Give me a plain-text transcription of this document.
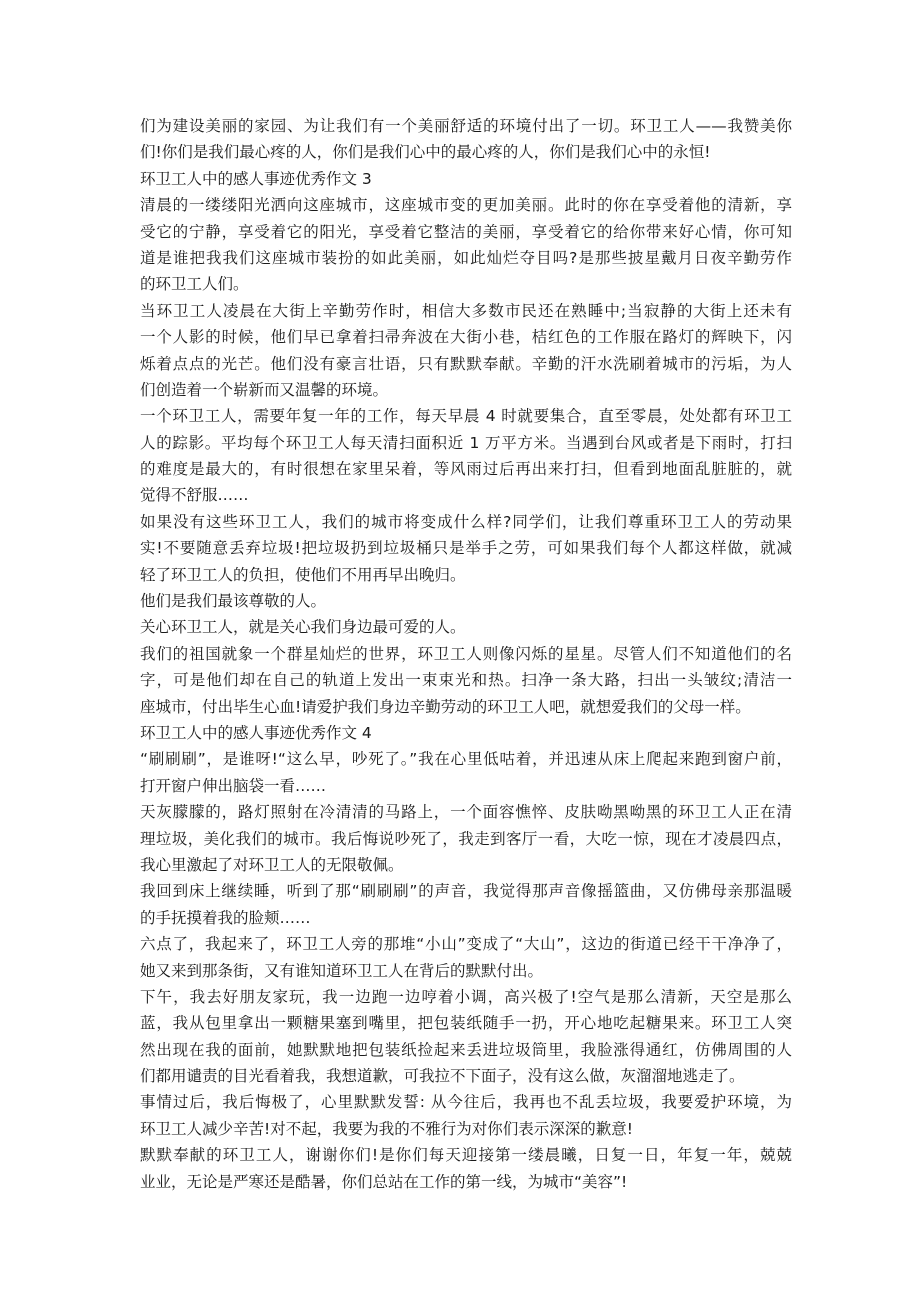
们为建设美丽的家园、为让我们有一个美丽舒适的环境付出了一切。环卫工人——我赞美你
们!你们是我们最心疼的人，你们是我们心中的最心疼的人，你们是我们心中的永恒!
环卫工人中的感人事迹优秀作文 3
清晨的一缕缕阳光洒向这座城市，这座城市变的更加美丽。此时的你在享受着他的清新，享
受它的宁静，享受着它的阳光，享受着它整洁的美丽，享受着它的给你带来好心情，你可知
道是谁把我我们这座城市装扮的如此美丽，如此灿烂夺目吗?是那些披星戴月日夜辛勤劳作
的环卫工人们。
当环卫工人凌晨在大街上辛勤劳作时，相信大多数市民还在熟睡中;当寂静的大街上还未有
一个人影的时候，他们早已拿着扫帚奔波在大街小巷，桔红色的工作服在路灯的辉映下，闪
烁着点点的光芒。他们没有豪言壮语，只有默默奉献。辛勤的汗水洗刷着城市的污垢，为人
们创造着一个崭新而又温馨的环境。
一个环卫工人，需要年复一年的工作，每天早晨 4 时就要集合，直至零晨，处处都有环卫工
人的踪影。平均每个环卫工人每天清扫面积近 1 万平方米。当遇到台风或者是下雨时，打扫
的难度是最大的，有时很想在家里呆着，等风雨过后再出来打扫，但看到地面乱脏脏的，就
觉得不舒服……
如果没有这些环卫工人，我们的城市将变成什么样?同学们，让我们尊重环卫工人的劳动果
实!不要随意丢弃垃圾!把垃圾扔到垃圾桶只是举手之劳，可如果我们每个人都这样做，就减
轻了环卫工人的负担，使他们不用再早出晚归。
他们是我们最该尊敬的人。
关心环卫工人，就是关心我们身边最可爱的人。
我们的祖国就象一个群星灿烂的世界，环卫工人则像闪烁的星星。尽管人们不知道他们的名
字，可是他们却在自己的轨道上发出一束束光和热。扫净一条大路，扫出一头皱纹;清洁一
座城市，付出毕生心血!请爱护我们身边辛勤劳动的环卫工人吧，就想爱我们的父母一样。
环卫工人中的感人事迹优秀作文 4
“刷刷刷”，是谁呀!“这么早，吵死了。”我在心里低咕着，并迅速从床上爬起来跑到窗户前，
打开窗户伸出脑袋一看……
天灰朦朦的，路灯照射在冷清清的马路上，一个面容憔悴、皮肤呦黑呦黑的环卫工人正在清
理垃圾，美化我们的城市。我后悔说吵死了，我走到客厅一看，大吃一惊，现在才凌晨四点，
我心里激起了对环卫工人的无限敬佩。
我回到床上继续睡，听到了那“刷刷刷”的声音，我觉得那声音像摇篮曲，又仿佛母亲那温暖
的手抚摸着我的脸颊……
六点了，我起来了，环卫工人旁的那堆“小山”变成了“大山”，这边的街道已经干干净净了，
她又来到那条街，又有谁知道环卫工人在背后的默默付出。
下午，我去好朋友家玩，我一边跑一边哼着小调，高兴极了!空气是那么清新，天空是那么
蓝，我从包里拿出一颗糖果塞到嘴里，把包装纸随手一扔，开心地吃起糖果来。环卫工人突
然出现在我的面前，她默默地把包装纸捡起来丢进垃圾筒里，我脸涨得通红，仿佛周围的人
们都用谴责的目光看着我，我想道歉，可我拉不下面子，没有这么做，灰溜溜地逃走了。
事情过后，我后悔极了，心里默默发誓: 从今往后，我再也不乱丢垃圾，我要爱护环境，为
环卫工人减少辛苦!对不起，我要为我的不雅行为对你们表示深深的歉意!
默默奉献的环卫工人，谢谢你们!是你们每天迎接第一缕晨曦，日复一日，年复一年，兢兢
业业，无论是严寒还是酷暑，你们总站在工作的第一线，为城市“美容”!
